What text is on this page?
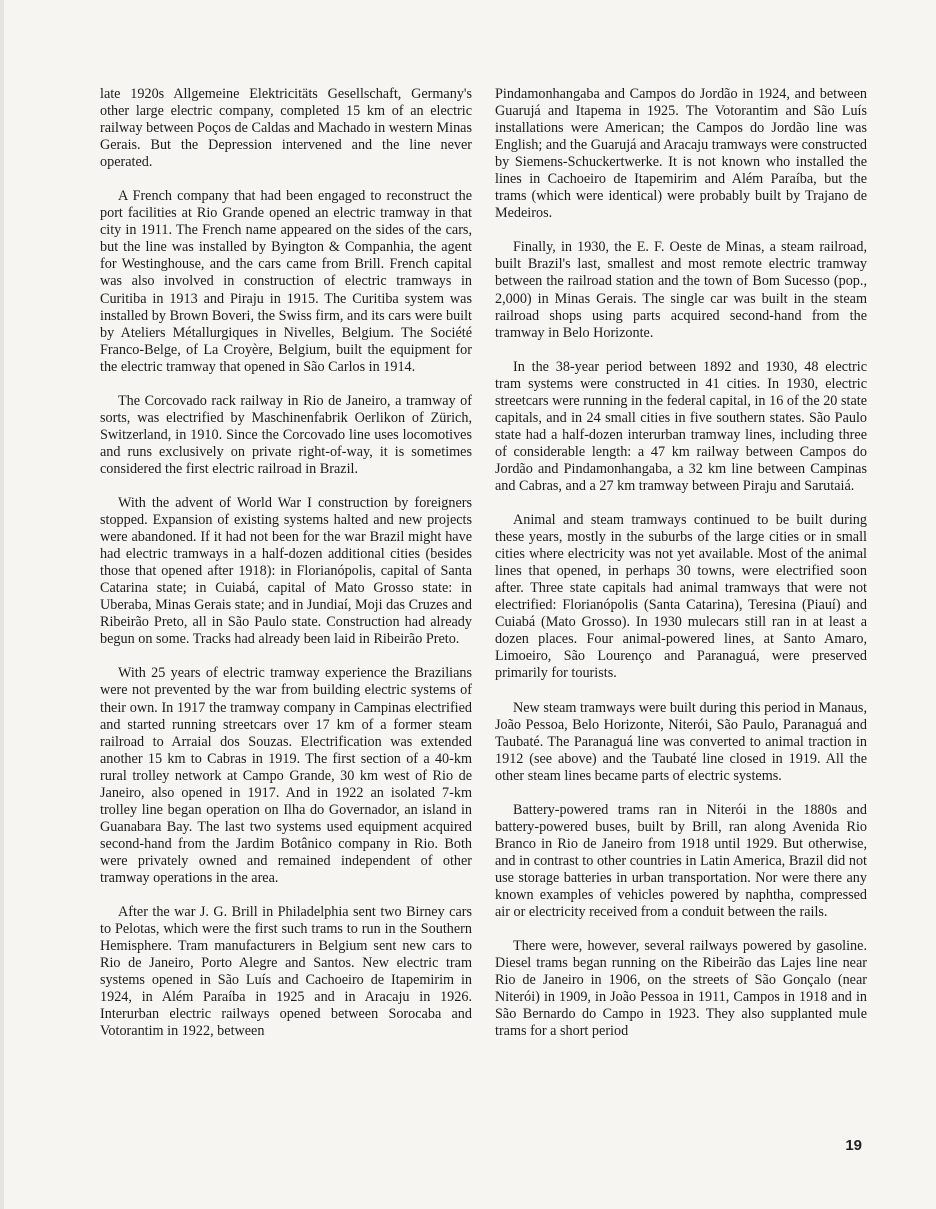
late 1920s Allgemeine Elektricitäts Gesellschaft, Germany's other large electric company, completed 15 km of an electric railway between Poços de Caldas and Machado in western Minas Gerais. But the Depression intervened and the line never operated.

A French company that had been engaged to reconstruct the port facilities at Rio Grande opened an electric tramway in that city in 1911. The French name appeared on the sides of the cars, but the line was installed by Byington & Companhia, the agent for Westinghouse, and the cars came from Brill. French capital was also involved in construction of electric tramways in Curitiba in 1913 and Piraju in 1915. The Curitiba system was installed by Brown Boveri, the Swiss firm, and its cars were built by Ateliers Métallurgiques in Nivelles, Belgium. The Société Franco-Belge, of La Croyère, Belgium, built the equipment for the electric tramway that opened in São Carlos in 1914.

The Corcovado rack railway in Rio de Janeiro, a tramway of sorts, was electrified by Maschinenfabrik Oerlikon of Zürich, Switzerland, in 1910. Since the Corcovado line uses locomotives and runs exclusively on private right-of-way, it is sometimes considered the first electric railroad in Brazil.

With the advent of World War I construction by foreigners stopped. Expansion of existing systems halted and new projects were abandoned. If it had not been for the war Brazil might have had electric tramways in a half-dozen additional cities (besides those that opened after 1918): in Florianópolis, capital of Santa Catarina state; in Cuiabá, capital of Mato Grosso state: in Uberaba, Minas Gerais state; and in Jundiaí, Moji das Cruzes and Ribeirão Preto, all in São Paulo state. Construction had already begun on some. Tracks had already been laid in Ribeirão Preto.

With 25 years of electric tramway experience the Brazilians were not prevented by the war from building electric systems of their own. In 1917 the tramway company in Campinas electrified and started running streetcars over 17 km of a former steam railroad to Arraial dos Souzas. Electrification was extended another 15 km to Cabras in 1919. The first section of a 40-km rural trolley network at Campo Grande, 30 km west of Rio de Janeiro, also opened in 1917. And in 1922 an isolated 7-km trolley line began operation on Ilha do Governador, an island in Guanabara Bay. The last two systems used equipment acquired second-hand from the Jardim Botânico company in Rio. Both were privately owned and remained independent of other tramway operations in the area.

After the war J. G. Brill in Philadelphia sent two Birney cars to Pelotas, which were the first such trams to run in the Southern Hemisphere. Tram manufacturers in Belgium sent new cars to Rio de Janeiro, Porto Alegre and Santos. New electric tram systems opened in São Luís and Cachoeiro de Itapemirim in 1924, in Além Paraíba in 1925 and in Aracaju in 1926. Interurban electric railways opened between Sorocaba and Votorantim in 1922, between

Pindamonhangaba and Campos do Jordão in 1924, and between Guarujá and Itapema in 1925. The Votorantim and São Luís installations were American; the Campos do Jordão line was English; and the Guarujá and Aracaju tramways were constructed by Siemens-Schuckertwerke. It is not known who installed the lines in Cachoeiro de Itapemirim and Além Paraíba, but the trams (which were identical) were probably built by Trajano de Medeiros.

Finally, in 1930, the E. F. Oeste de Minas, a steam railroad, built Brazil's last, smallest and most remote electric tramway between the railroad station and the town of Bom Sucesso (pop., 2,000) in Minas Gerais. The single car was built in the steam railroad shops using parts acquired second-hand from the tramway in Belo Horizonte.

In the 38-year period between 1892 and 1930, 48 electric tram systems were constructed in 41 cities. In 1930, electric streetcars were running in the federal capital, in 16 of the 20 state capitals, and in 24 small cities in five southern states. São Paulo state had a half-dozen interurban tramway lines, including three of considerable length: a 47 km railway between Campos do Jordão and Pindamonhangaba, a 32 km line between Campinas and Cabras, and a 27 km tramway between Piraju and Sarutaiá.

Animal and steam tramways continued to be built during these years, mostly in the suburbs of the large cities or in small cities where electricity was not yet available. Most of the animal lines that opened, in perhaps 30 towns, were electrified soon after. Three state capitals had animal tramways that were not electrified: Florianópolis (Santa Catarina), Teresina (Piauí) and Cuiabá (Mato Grosso). In 1930 mulecars still ran in at least a dozen places. Four animal-powered lines, at Santo Amaro, Limoeiro, São Lourenço and Paranaguá, were preserved primarily for tourists.

New steam tramways were built during this period in Manaus, João Pessoa, Belo Horizonte, Niterói, São Paulo, Paranaguá and Taubaté. The Paranaguá line was converted to animal traction in 1912 (see above) and the Taubaté line closed in 1919. All the other steam lines became parts of electric systems.

Battery-powered trams ran in Niterói in the 1880s and battery-powered buses, built by Brill, ran along Avenida Rio Branco in Rio de Janeiro from 1918 until 1929. But otherwise, and in contrast to other countries in Latin America, Brazil did not use storage batteries in urban transportation. Nor were there any known examples of vehicles powered by naphtha, compressed air or electricity received from a conduit between the rails.

There were, however, several railways powered by gasoline. Diesel trams began running on the Ribeirão das Lajes line near Rio de Janeiro in 1906, on the streets of São Gonçalo (near Niterói) in 1909, in João Pessoa in 1911, Campos in 1918 and in São Bernardo do Campo in 1923. They also supplanted mule trams for a short period

19
